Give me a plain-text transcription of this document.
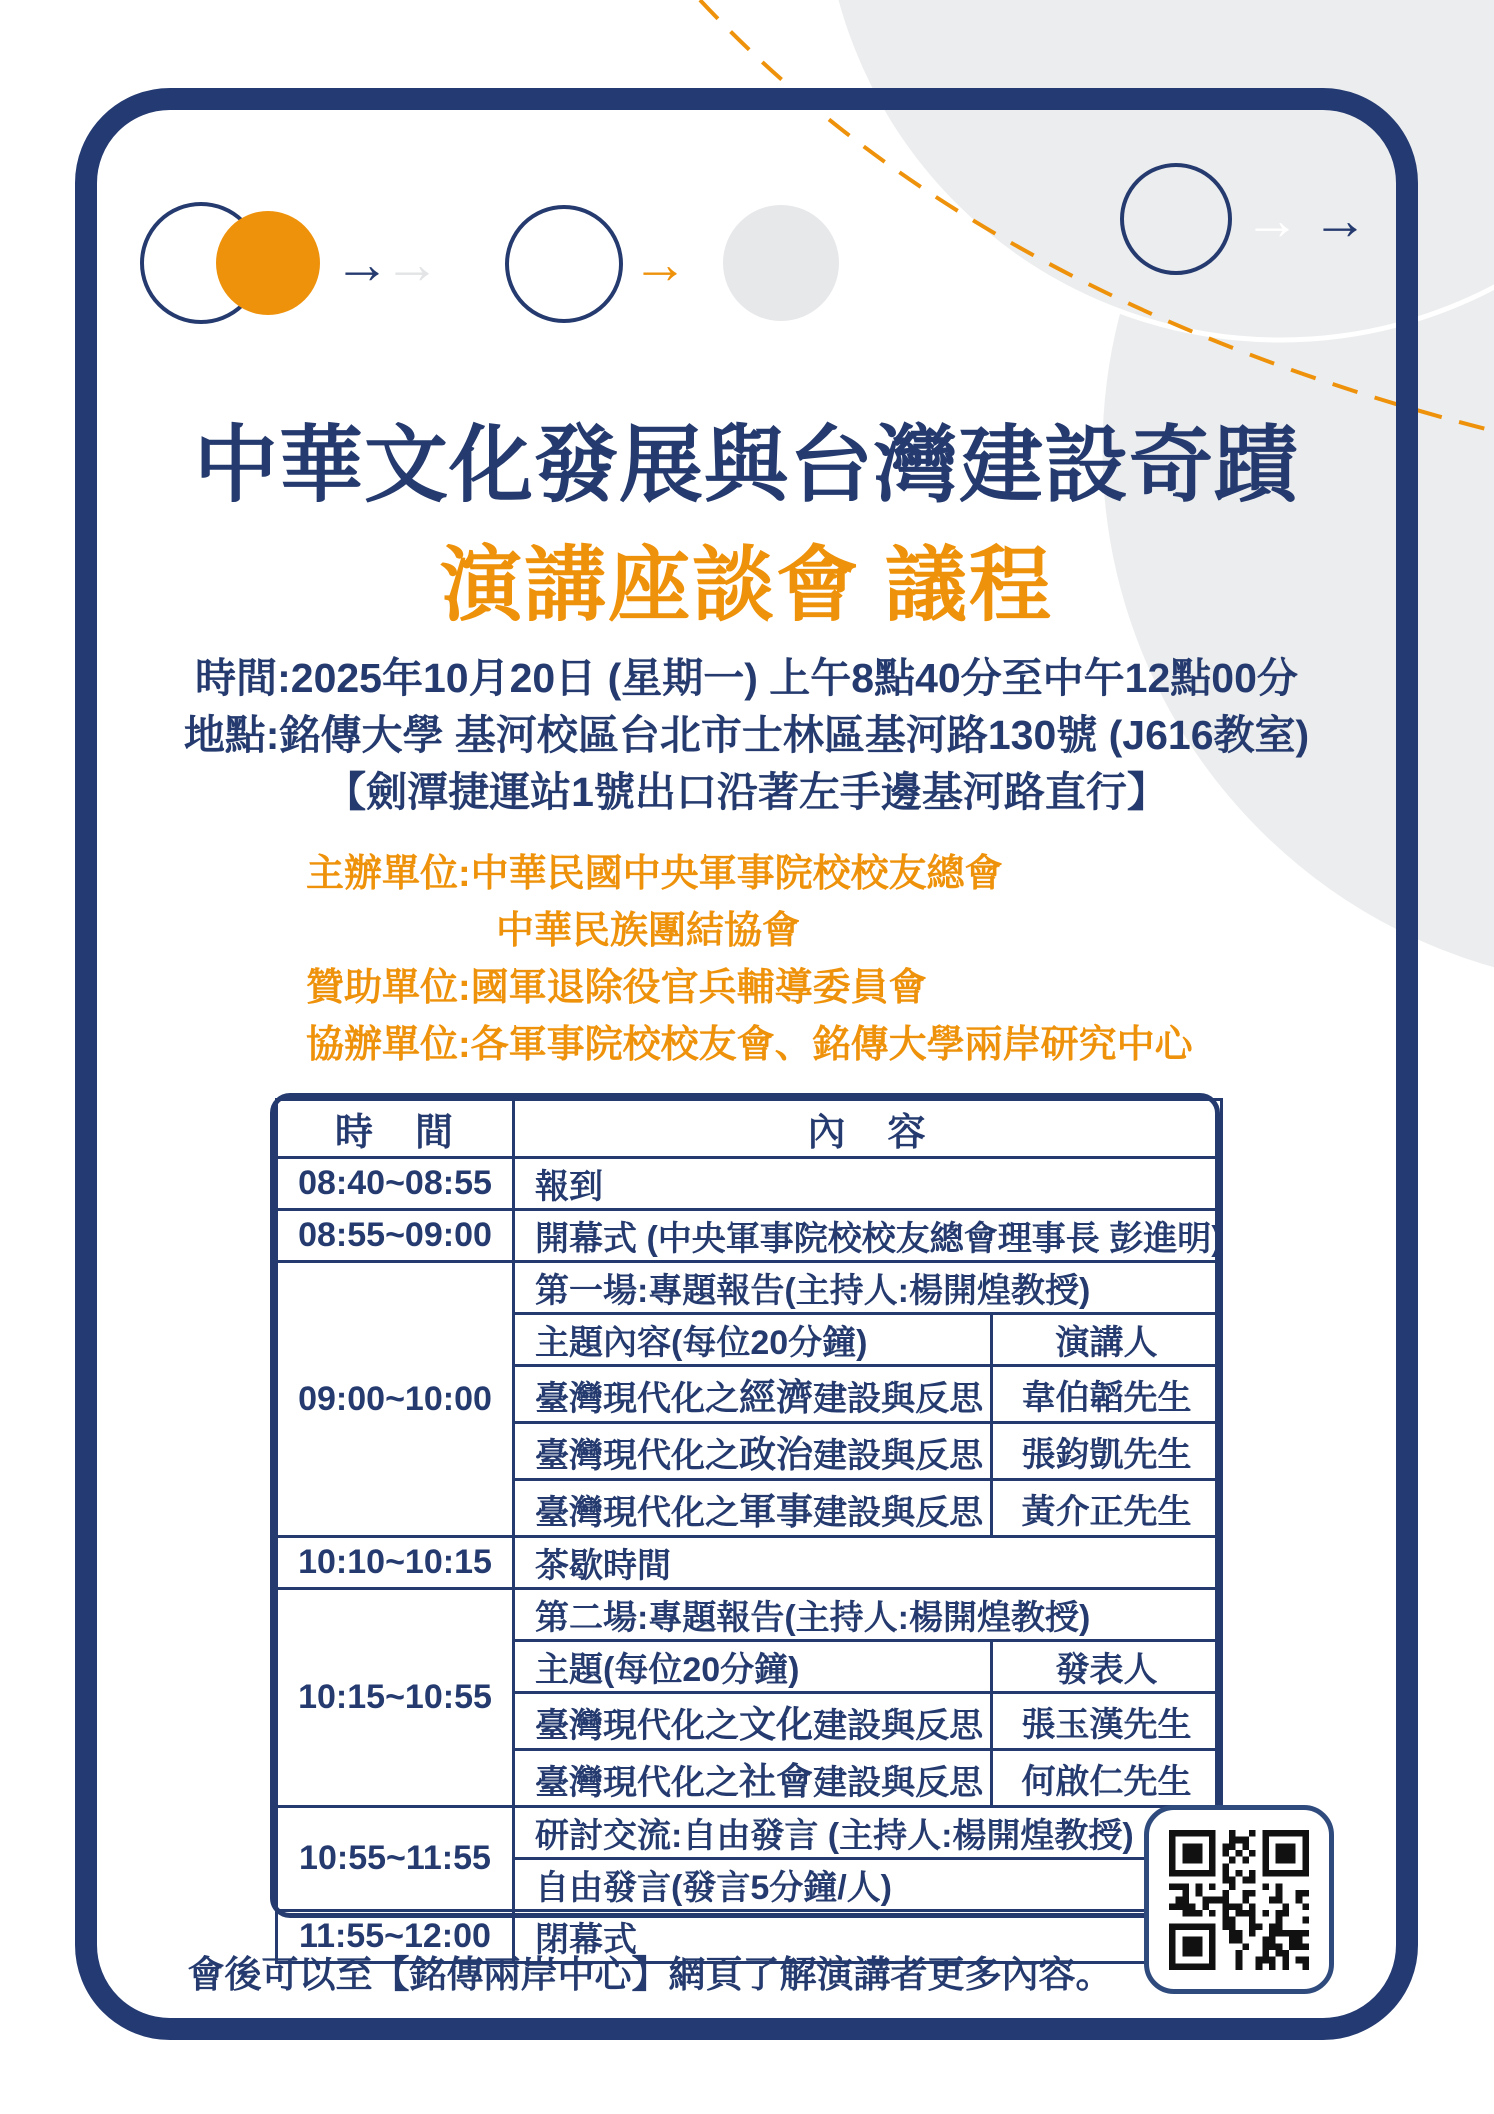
→
→	→
→ →
中華文化發展與台灣建設奇蹟
演講座談會 議程
時間:2025年10月20日 (星期一) 上午8點40分至中午12點00分
地點:銘傳大學 基河校區台北市士林區基河路130號 (J616教室)
【劍潭捷運站1號出口沿著左手邊基河路直行】
主辦單位:中華民國中央軍事院校校友總會
中華民族團結協會
贊助單位:國軍退除役官兵輔導委員會
協辦單位:各軍事院校校友會、銘傳大學兩岸研究中心
時　間	內　容	
08:40~08:55	報到	
08:55~09:00	開幕式 (中央軍事院校校友總會理事長 彭進明)	
09:00~10:00	第一場:專題報告(主持人:楊開煌教授)	
	主題內容(每位20分鐘)	演講人
	臺灣現代化之經濟建設與反思	韋伯韜先生
	臺灣現代化之政治建設與反思	張鈞凱先生
	臺灣現代化之軍事建設與反思	黃介正先生
10:10~10:15	茶歇時間	
10:15~10:55	第二場:專題報告(主持人:楊開煌教授)	
	主題(每位20分鐘)	發表人
	臺灣現代化之文化建設與反思	張玉漢先生
	臺灣現代化之社會建設與反思	何啟仁先生
10:55~11:55	研討交流:自由發言 (主持人:楊開煌教授)	
	自由發言(發言5分鐘/人)	
11:55~12:00	閉幕式	
會後可以至【銘傳兩岸中心】網頁了解演講者更多內容。
